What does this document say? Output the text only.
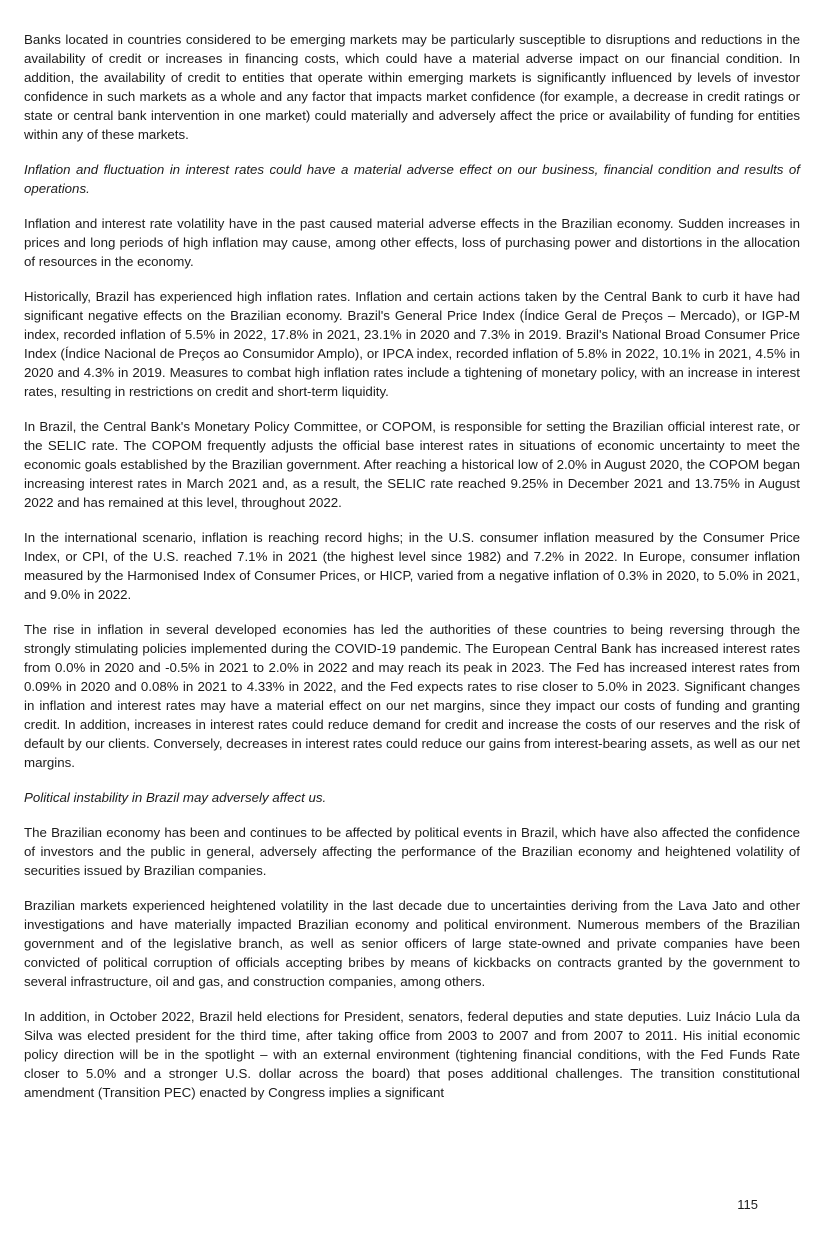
Banks located in countries considered to be emerging markets may be particularly susceptible to disruptions and reductions in the availability of credit or increases in financing costs, which could have a material adverse impact on our financial condition. In addition, the availability of credit to entities that operate within emerging markets is significantly influenced by levels of investor confidence in such markets as a whole and any factor that impacts market confidence (for example, a decrease in credit ratings or state or central bank intervention in one market) could materially and adversely affect the price or availability of funding for entities within any of these markets.

Inflation and fluctuation in interest rates could have a material adverse effect on our business, financial condition and results of operations.

Inflation and interest rate volatility have in the past caused material adverse effects in the Brazilian economy. Sudden increases in prices and long periods of high inflation may cause, among other effects, loss of purchasing power and distortions in the allocation of resources in the economy.

Historically, Brazil has experienced high inflation rates. Inflation and certain actions taken by the Central Bank to curb it have had significant negative effects on the Brazilian economy. Brazil's General Price Index (Índice Geral de Preços – Mercado), or IGP-M index, recorded inflation of 5.5% in 2022, 17.8% in 2021, 23.1% in 2020 and 7.3% in 2019. Brazil's National Broad Consumer Price Index (Índice Nacional de Preços ao Consumidor Amplo), or IPCA index, recorded inflation of 5.8% in 2022, 10.1% in 2021, 4.5% in 2020 and 4.3% in 2019. Measures to combat high inflation rates include a tightening of monetary policy, with an increase in interest rates, resulting in restrictions on credit and short-term liquidity.

In Brazil, the Central Bank's Monetary Policy Committee, or COPOM, is responsible for setting the Brazilian official interest rate, or the SELIC rate. The COPOM frequently adjusts the official base interest rates in situations of economic uncertainty to meet the economic goals established by the Brazilian government. After reaching a historical low of 2.0% in August 2020, the COPOM began increasing interest rates in March 2021 and, as a result, the SELIC rate reached 9.25% in December 2021 and 13.75% in August 2022 and has remained at this level, throughout 2022.

In the international scenario, inflation is reaching record highs; in the U.S. consumer inflation measured by the Consumer Price Index, or CPI, of the U.S. reached 7.1% in 2021 (the highest level since 1982) and 7.2% in 2022. In Europe, consumer inflation measured by the Harmonised Index of Consumer Prices, or HICP, varied from a negative inflation of 0.3% in 2020, to 5.0% in 2021, and 9.0% in 2022.

The rise in inflation in several developed economies has led the authorities of these countries to being reversing through the strongly stimulating policies implemented during the COVID-19 pandemic. The European Central Bank has increased interest rates from 0.0% in 2020 and -0.5% in 2021 to 2.0% in 2022 and may reach its peak in 2023. The Fed has increased interest rates from 0.09% in 2020 and 0.08% in 2021 to 4.33% in 2022, and the Fed expects rates to rise closer to 5.0% in 2023. Significant changes in inflation and interest rates may have a material effect on our net margins, since they impact our costs of funding and granting credit. In addition, increases in interest rates could reduce demand for credit and increase the costs of our reserves and the risk of default by our clients. Conversely, decreases in interest rates could reduce our gains from interest-bearing assets, as well as our net margins.

Political instability in Brazil may adversely affect us.

The Brazilian economy has been and continues to be affected by political events in Brazil, which have also affected the confidence of investors and the public in general, adversely affecting the performance of the Brazilian economy and heightened volatility of securities issued by Brazilian companies.

Brazilian markets experienced heightened volatility in the last decade due to uncertainties deriving from the Lava Jato and other investigations and have materially impacted Brazilian economy and political environment. Numerous members of the Brazilian government and of the legislative branch, as well as senior officers of large state-owned and private companies have been convicted of political corruption of officials accepting bribes by means of kickbacks on contracts granted by the government to several infrastructure, oil and gas, and construction companies, among others.

In addition, in October 2022, Brazil held elections for President, senators, federal deputies and state deputies. Luiz Inácio Lula da Silva was elected president for the third time, after taking office from 2003 to 2007 and from 2007 to 2011. His initial economic policy direction will be in the spotlight – with an external environment (tightening financial conditions, with the Fed Funds Rate closer to 5.0% and a stronger U.S. dollar across the board) that poses additional challenges. The transition constitutional amendment (Transition PEC) enacted by Congress implies a significant

115
